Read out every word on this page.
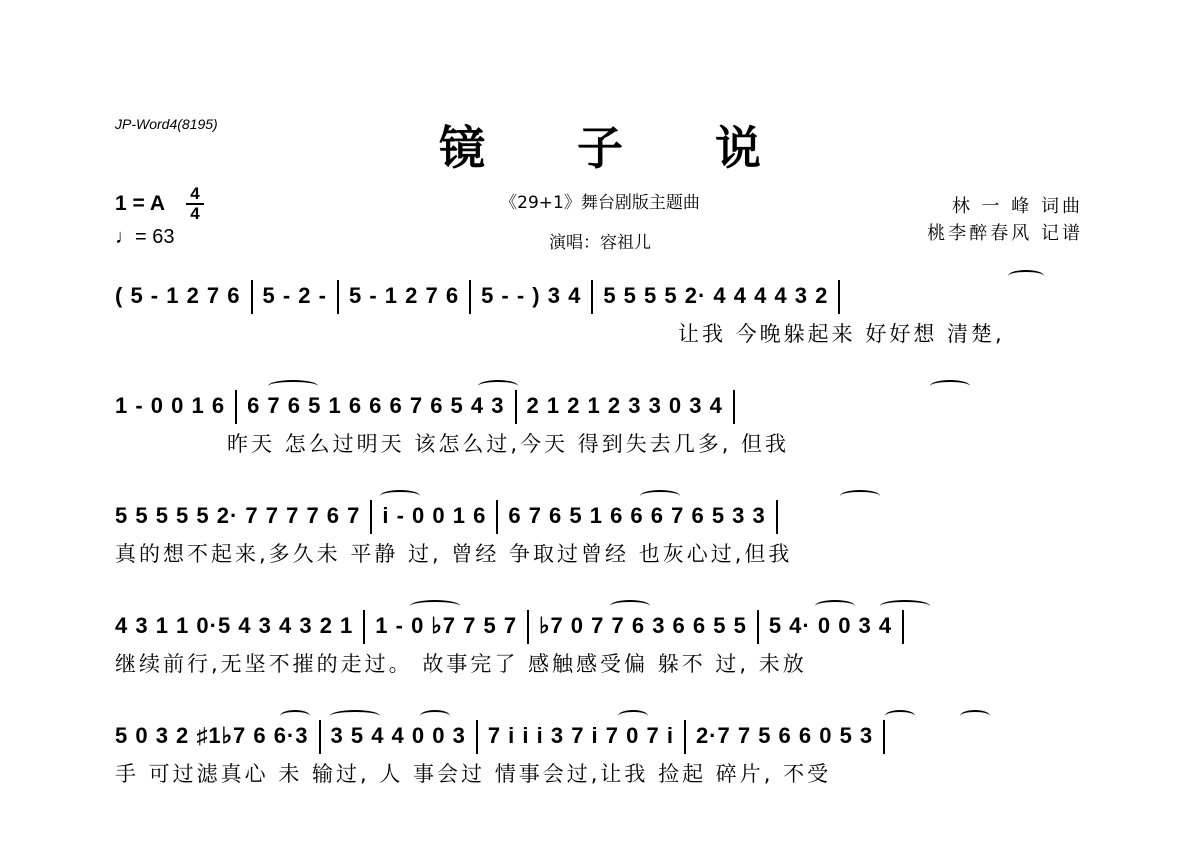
JP-Word4(8195)	镜 子 说
《29+1》舞台剧版主题曲
演唱：容祖儿
1 = A 4
4
♩= 63
林 一 峰 词曲
桃李醉春风 记谱
( 5 - 1 2 7 6 5 - 2 - 5 - 1 2 7 6 5 - - ) 3 4 5 5 5 5 2· 4 4 4 4 3 2
让我 今晚躲起来 好好想 清楚,
1 - 0 0 1 6 6 7 6 5 1 6 6 6 7 6 5 4 3 2 1 2 1 2 3 3 0 3 4
昨天 怎么过明天 该怎么过,今天 得到失去几多, 但我
5 5 5 5 5 2· 7 7 7 7 6 7 i - 0 0 1 6 6 7 6 5 1 6 6 6 7 6 5 3 3
真的想不起来,多久未 平静 过, 曾经 争取过曾经 也灰心过,但我
4 3 1 1 0·5 4 3 4 3 2 1 1 - 0 ♭7 7 5 7 ♭7 0 7 7 6 3 6 6 5 5 5 4· 0 0 3 4
继续前行,无坚不摧的走过。 故事完了 感触感受偏 躲不 过, 未放
5 0 3 2 ♯1♭7 6 6·3 3 5 4 4 0 0 3 7 i i i 3 7 i 7 0 7 i 2·7 7 5 6 6 0 5 3
手 可过滤真心 未 输过, 人 事会过 情事会过,让我 捡起 碎片, 不受
